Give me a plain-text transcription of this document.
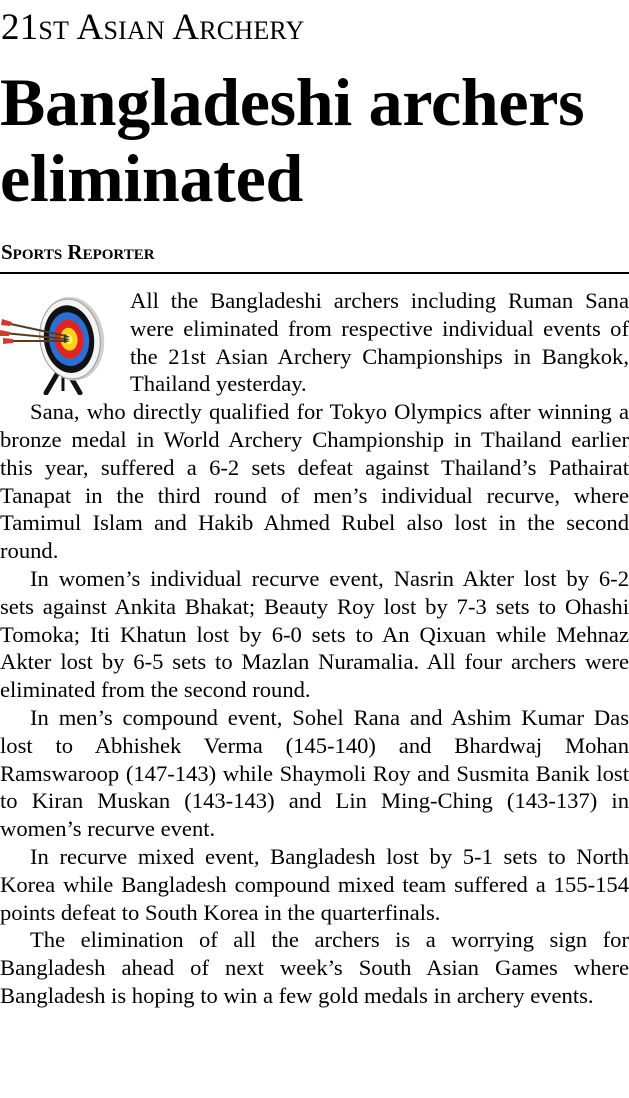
21st Asian Archery
Bangladeshi archers eliminated
Sports Reporter

All the Bangladeshi archers including Ruman Sana were eliminated from respective individual events of the 21st Asian Archery Championships in Bangkok, Thailand yesterday.

Sana, who directly qualified for Tokyo Olympics after winning a bronze medal in World Archery Championship in Thailand earlier this year, suffered a 6-2 sets defeat against Thailand’s Pathairat Tanapat in the third round of men’s individual recurve, where Tamimul Islam and Hakib Ahmed Rubel also lost in the second round.

In women’s individual recurve event, Nasrin Akter lost by 6-2 sets against Ankita Bhakat; Beauty Roy lost by 7-3 sets to Ohashi Tomoka; Iti Khatun lost by 6-0 sets to An Qixuan while Mehnaz Akter lost by 6-5 sets to Mazlan Nuramalia. All four archers were eliminated from the second round.

In men’s compound event, Sohel Rana and Ashim Kumar Das lost to Abhishek Verma (145-140) and Bhardwaj Mohan Ramswaroop (147-143) while Shaymoli Roy and Susmita Banik lost to Kiran Muskan (143-143) and Lin Ming-Ching (143-137) in women’s recurve event.

In recurve mixed event, Bangladesh lost by 5-1 sets to North Korea while Bangladesh compound mixed team suffered a 155-154 points defeat to South Korea in the quarterfinals.

The elimination of all the archers is a worrying sign for Bangladesh ahead of next week’s South Asian Games where Bangladesh is hoping to win a few gold medals in archery events.
